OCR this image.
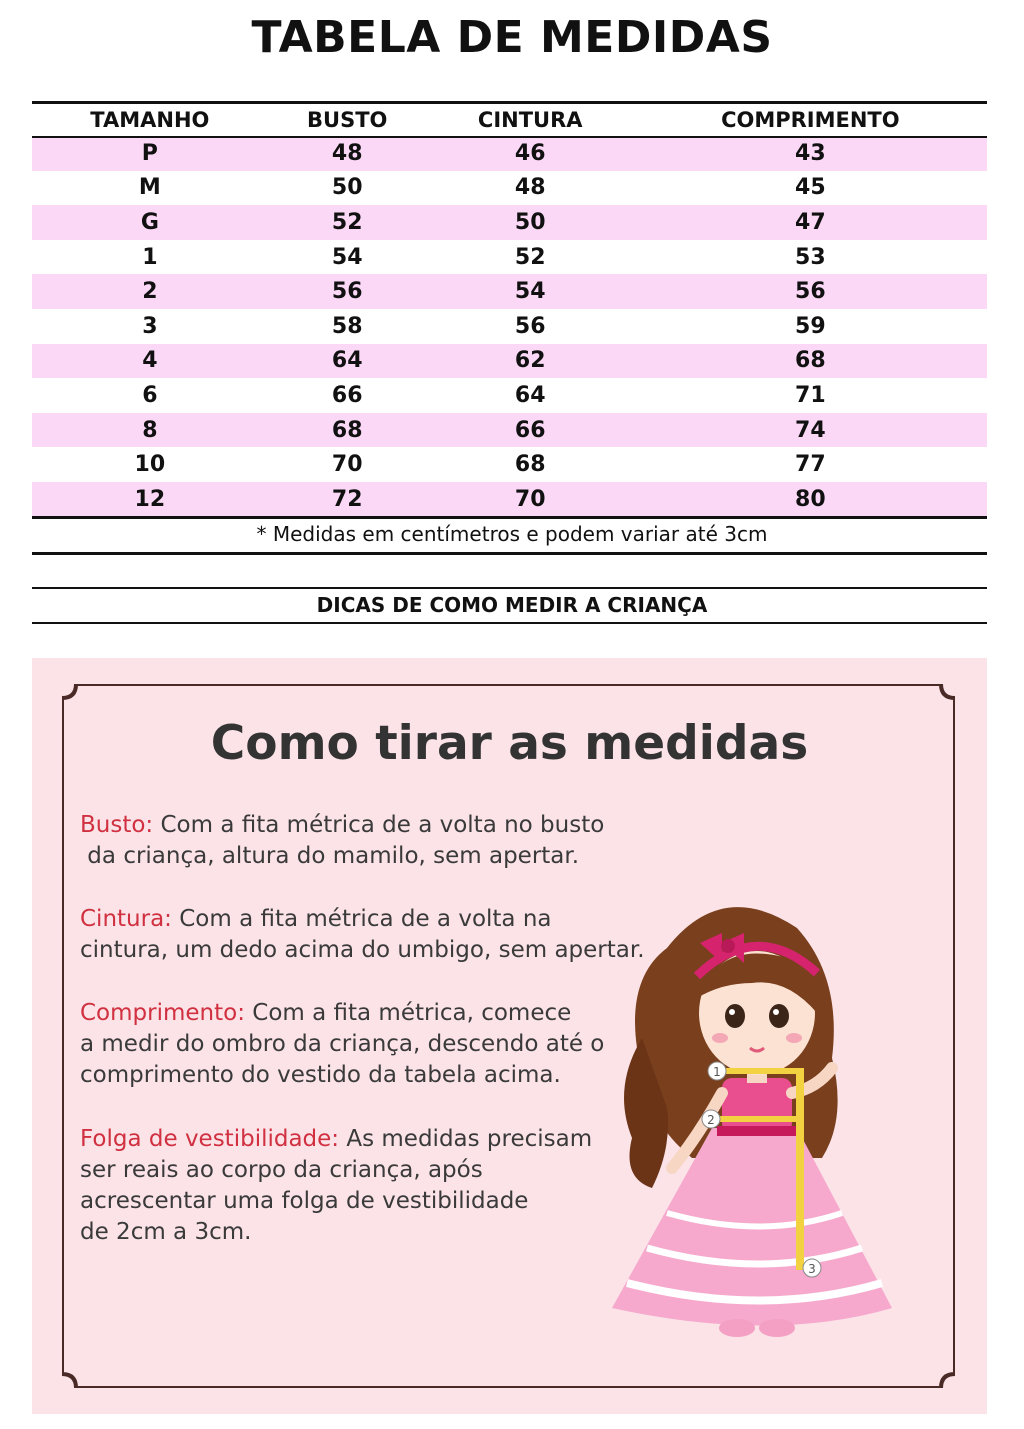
TABELA DE MEDIDAS
TAMANHO	BUSTO	CINTURA	COMPRIMENTO
P	48	46	43
M	50	48	45
G	52	50	47
1	54	52	53
2	56	54	56
3	58	56	59
4	64	62	68
6	66	64	71
8	68	66	74
10	70	68	77
12	72	70	80
* Medidas em centímetros e podem variar até 3cm
DICAS DE COMO MEDIR A CRIANÇA
Como tirar as medidas
Busto: Com a fita métrica de a volta no busto
da criança, altura do mamilo, sem apertar.
Cintura: Com a fita métrica de a volta na
cintura, um dedo acima do umbigo, sem apertar.
Comprimento: Com a fita métrica, comece
a medir do ombro da criança, descendo até o
comprimento do vestido da tabela acima.
Folga de vestibilidade: As medidas precisam
ser reais ao corpo da criança, após
acrescentar uma folga de vestibilidade
de 2cm a 3cm.
1
2
3
